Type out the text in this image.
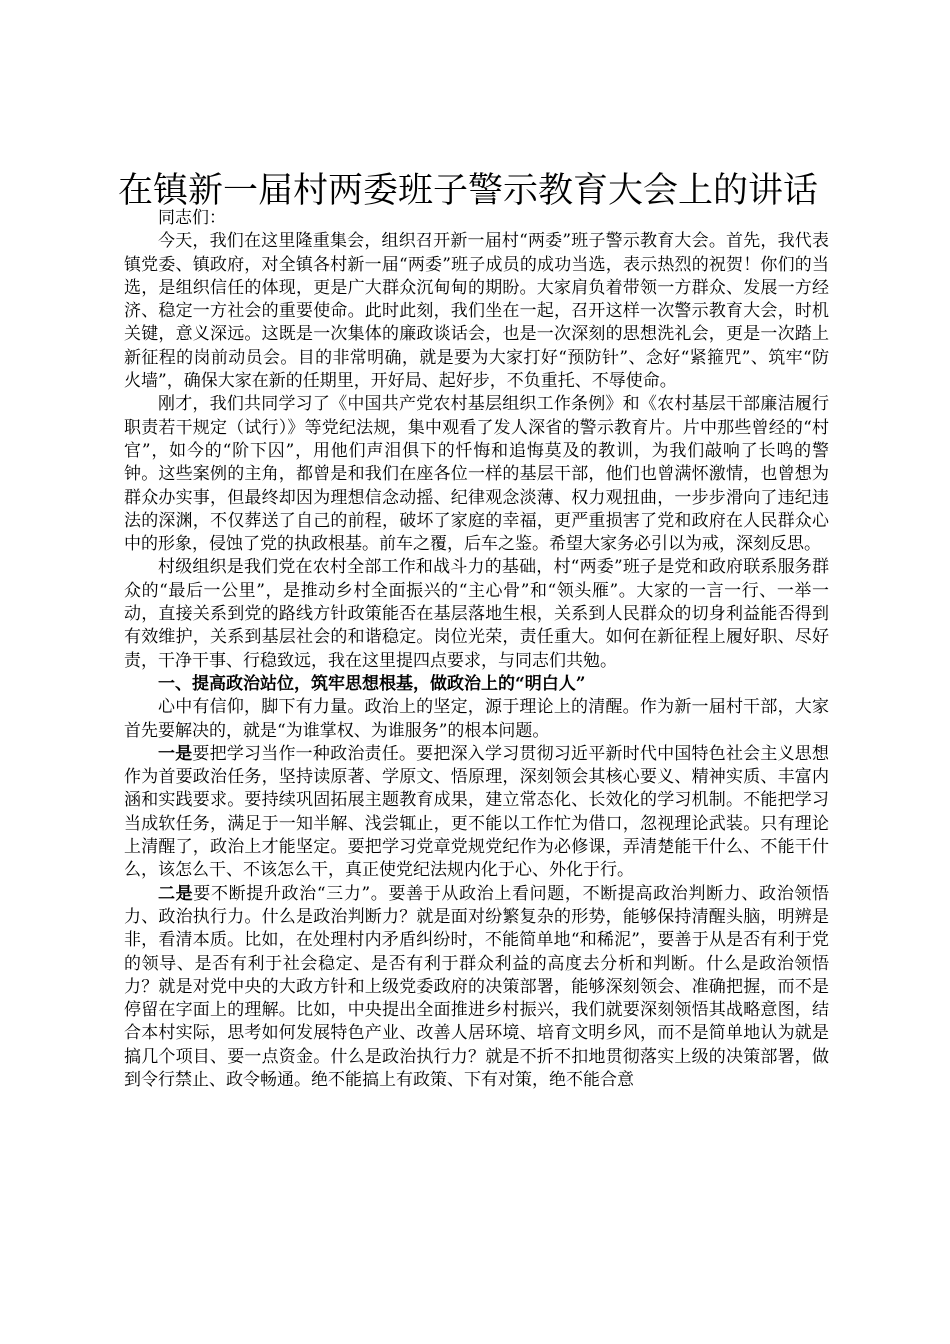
在镇新一届村两委班子警示教育大会上的讲话

同志们：

今天，我们在这里隆重集会，组织召开新一届村“两委”班子警示教育大会。首先，我代表镇党委、镇政府，对全镇各村新一届“两委”班子成员的成功当选，表示热烈的祝贺！你们的当选，是组织信任的体现，更是广大群众沉甸甸的期盼。大家肩负着带领一方群众、发展一方经济、稳定一方社会的重要使命。此时此刻，我们坐在一起，召开这样一次警示教育大会，时机关键，意义深远。这既是一次集体的廉政谈话会，也是一次深刻的思想洗礼会，更是一次踏上新征程的岗前动员会。目的非常明确，就是要为大家打好“预防针”、念好“紧箍咒”、筑牢“防火墙”，确保大家在新的任期里，开好局、起好步，不负重托、不辱使命。

刚才，我们共同学习了《中国共产党农村基层组织工作条例》和《农村基层干部廉洁履行职责若干规定（试行）》等党纪法规，集中观看了发人深省的警示教育片。片中那些曾经的“村官”，如今的“阶下囚”，用他们声泪俱下的忏悔和追悔莫及的教训，为我们敲响了长鸣的警钟。这些案例的主角，都曾是和我们在座各位一样的基层干部，他们也曾满怀激情，也曾想为群众办实事，但最终却因为理想信念动摇、纪律观念淡薄、权力观扭曲，一步步滑向了违纪违法的深渊，不仅葬送了自己的前程，破坏了家庭的幸福，更严重损害了党和政府在人民群众心中的形象，侵蚀了党的执政根基。前车之覆，后车之鉴。希望大家务必引以为戒，深刻反思。

村级组织是我们党在农村全部工作和战斗力的基础，村“两委”班子是党和政府联系服务群众的“最后一公里”，是推动乡村全面振兴的“主心骨”和“领头雁”。大家的一言一行、一举一动，直接关系到党的路线方针政策能否在基层落地生根，关系到人民群众的切身利益能否得到有效维护，关系到基层社会的和谐稳定。岗位光荣，责任重大。如何在新征程上履好职、尽好责，干净干事、行稳致远，我在这里提四点要求，与同志们共勉。

一、提高政治站位，筑牢思想根基，做政治上的“明白人”

心中有信仰，脚下有力量。政治上的坚定，源于理论上的清醒。作为新一届村干部，大家首先要解决的，就是“为谁掌权、为谁服务”的根本问题。

一是要把学习当作一种政治责任。要把深入学习贯彻习近平新时代中国特色社会主义思想作为首要政治任务，坚持读原著、学原文、悟原理，深刻领会其核心要义、精神实质、丰富内涵和实践要求。要持续巩固拓展主题教育成果，建立常态化、长效化的学习机制。不能把学习当成软任务，满足于一知半解、浅尝辄止，更不能以工作忙为借口，忽视理论武装。只有理论上清醒了，政治上才能坚定。要把学习党章党规党纪作为必修课，弄清楚能干什么、不能干什么，该怎么干、不该怎么干，真正使党纪法规内化于心、外化于行。

二是要不断提升政治“三力”。要善于从政治上看问题，不断提高政治判断力、政治领悟力、政治执行力。什么是政治判断力？就是面对纷繁复杂的形势，能够保持清醒头脑，明辨是非，看清本质。比如，在处理村内矛盾纠纷时，不能简单地“和稀泥”，要善于从是否有利于党的领导、是否有利于社会稳定、是否有利于群众利益的高度去分析和判断。什么是政治领悟力？就是对党中央的大政方针和上级党委政府的决策部署，能够深刻领会、准确把握，而不是停留在字面上的理解。比如，中央提出全面推进乡村振兴，我们就要深刻领悟其战略意图，结合本村实际，思考如何发展特色产业、改善人居环境、培育文明乡风，而不是简单地认为就是搞几个项目、要一点资金。什么是政治执行力？就是不折不扣地贯彻落实上级的决策部署，做到令行禁止、政令畅通。绝不能搞上有政策、下有对策，绝不能合意
